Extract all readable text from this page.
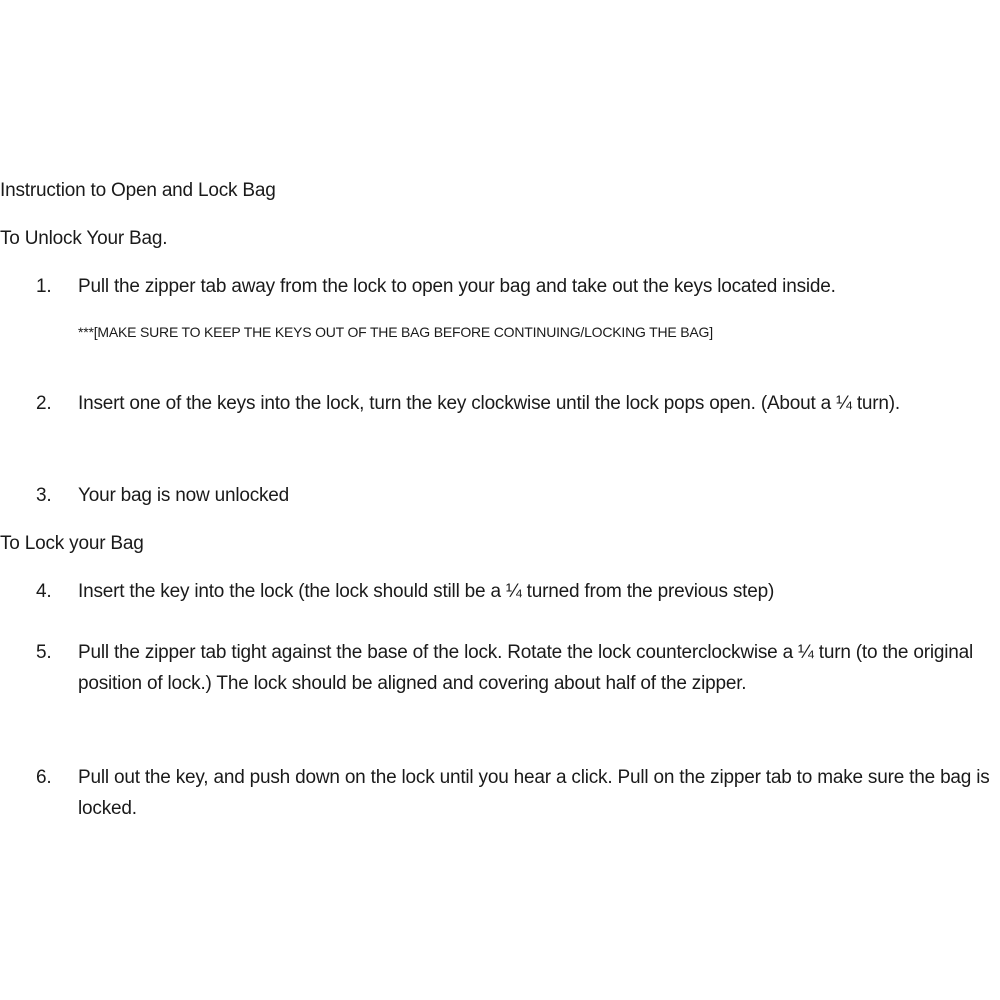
Instruction to Open and Lock Bag
To Unlock Your Bag.
1.	Pull the zipper tab away from the lock to open your bag and take out the keys located inside.
***[MAKE SURE TO KEEP THE KEYS OUT OF THE BAG BEFORE CONTINUING/LOCKING THE BAG]
2.	Insert one of the keys into the lock, turn the key clockwise until the lock pops open. (About a ¼ turn).
3.	Your bag is now unlocked
To Lock your Bag
4.	Insert the key into the lock (the lock should still be a ¼ turned from the previous step)
5.	Pull the zipper tab tight against the base of the lock. Rotate the lock counterclockwise a ¼ turn (to the original position of lock.) The lock should be aligned and covering about half of the zipper.
6.	Pull out the key, and push down on the lock until you hear a click. Pull on the zipper tab to make sure the bag is locked.
